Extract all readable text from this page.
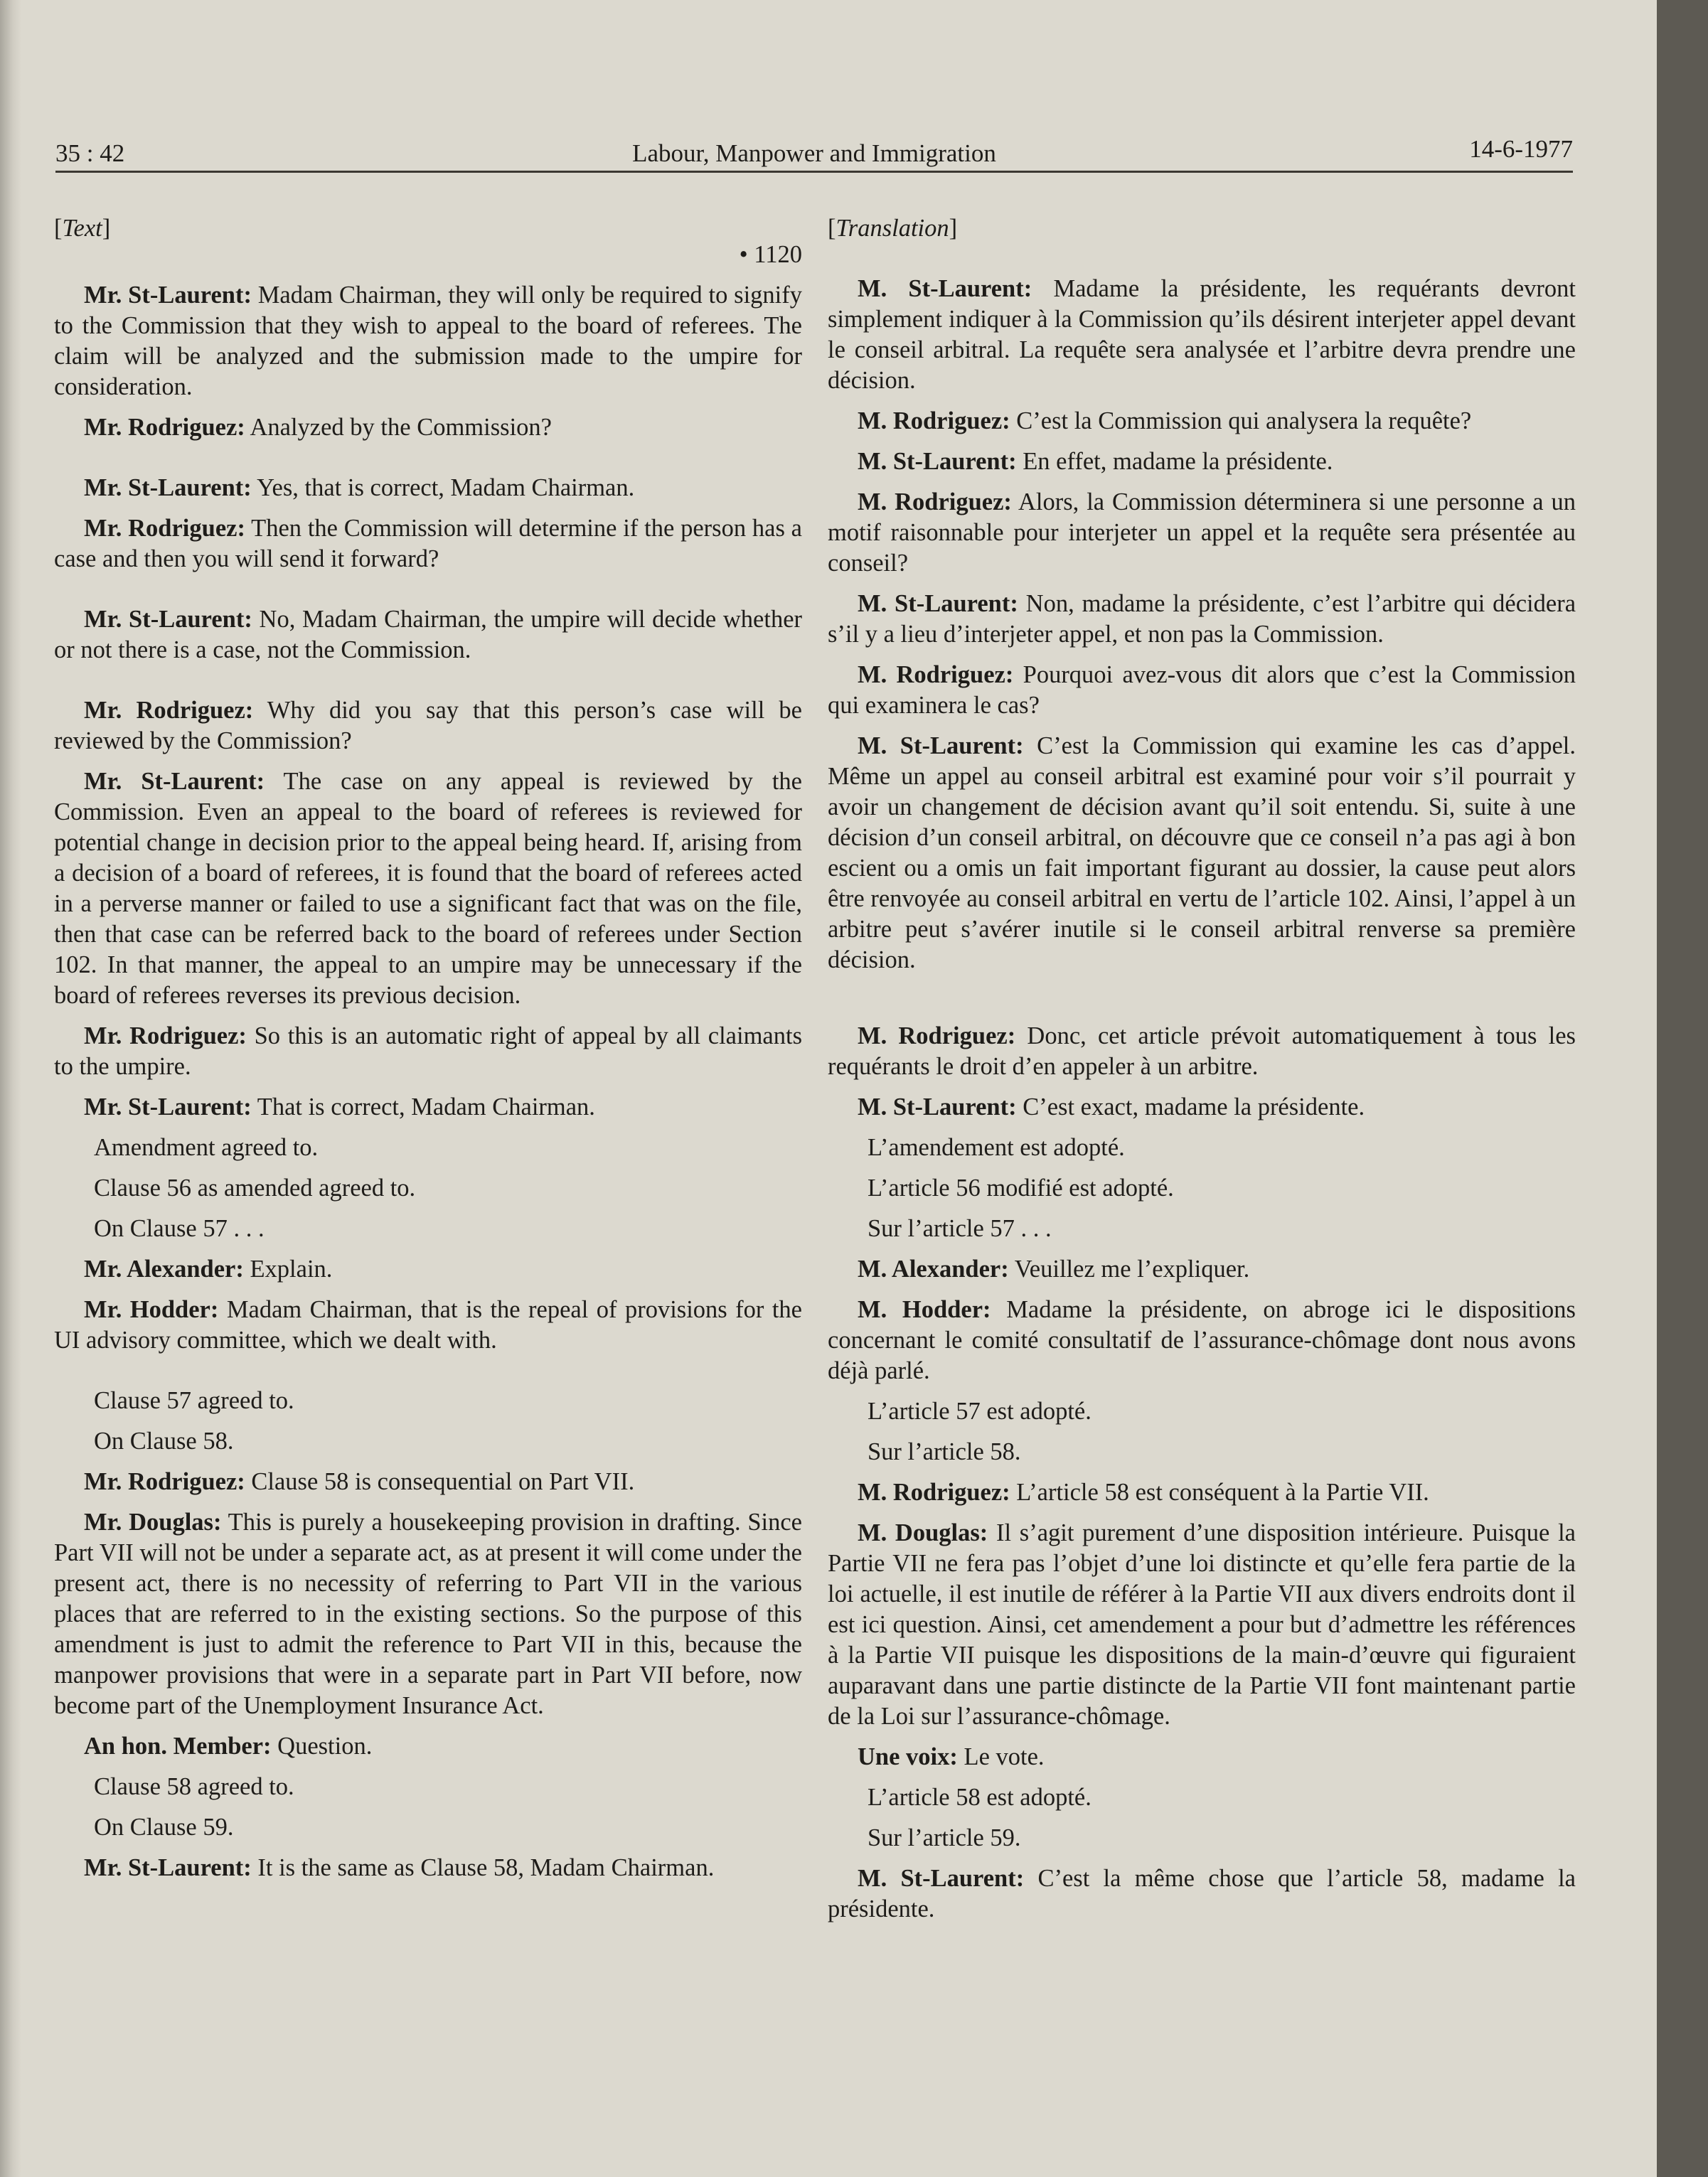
35 : 42	Labour, Manpower and Immigration	14-6-1977
[Text]
• 1120

Mr. St-Laurent: Madam Chairman, they will only be required to signify to the Commission that they wish to appeal to the board of referees. The claim will be analyzed and the submission made to the umpire for consideration.

Mr. Rodriguez: Analyzed by the Commission?

Mr. St-Laurent: Yes, that is correct, Madam Chairman.

Mr. Rodriguez: Then the Commission will determine if the person has a case and then you will send it forward?

Mr. St-Laurent: No, Madam Chairman, the umpire will decide whether or not there is a case, not the Commission.

Mr. Rodriguez: Why did you say that this person’s case will be reviewed by the Commission?

Mr. St-Laurent: The case on any appeal is reviewed by the Commission. Even an appeal to the board of referees is reviewed for potential change in decision prior to the appeal being heard. If, arising from a decision of a board of referees, it is found that the board of referees acted in a perverse manner or failed to use a significant fact that was on the file, then that case can be referred back to the board of referees under Section 102. In that manner, the appeal to an umpire may be unnecessary if the board of referees reverses its previous decision.

Mr. Rodriguez: So this is an automatic right of appeal by all claimants to the umpire.

Mr. St-Laurent: That is correct, Madam Chairman.

Amendment agreed to.

Clause 56 as amended agreed to.

On Clause 57 . . .

Mr. Alexander: Explain.

Mr. Hodder: Madam Chairman, that is the repeal of provisions for the UI advisory committee, which we dealt with.

Clause 57 agreed to.

On Clause 58.

Mr. Rodriguez: Clause 58 is consequential on Part VII.

Mr. Douglas: This is purely a housekeeping provision in drafting. Since Part VII will not be under a separate act, as at present it will come under the present act, there is no necessity of referring to Part VII in the various places that are referred to in the existing sections. So the purpose of this amendment is just to admit the reference to Part VII in this, because the manpower provisions that were in a separate part in Part VII before, now become part of the Unemployment Insurance Act.

An hon. Member: Question.

Clause 58 agreed to.

On Clause 59.

Mr. St-Laurent: It is the same as Clause 58, Madam Chairman.

[Translation]

M. St-Laurent: Madame la présidente, les requérants devront simplement indiquer à la Commission qu’ils désirent interjeter appel devant le conseil arbitral. La requête sera analysée et l’arbitre devra prendre une décision.

M. Rodriguez: C’est la Commission qui analysera la requête?

M. St-Laurent: En effet, madame la présidente.

M. Rodriguez: Alors, la Commission déterminera si une personne a un motif raisonnable pour interjeter un appel et la requête sera présentée au conseil?

M. St-Laurent: Non, madame la présidente, c’est l’arbitre qui décidera s’il y a lieu d’interjeter appel, et non pas la Commission.

M. Rodriguez: Pourquoi avez-vous dit alors que c’est la Commission qui examinera le cas?

M. St-Laurent: C’est la Commission qui examine les cas d’appel. Même un appel au conseil arbitral est examiné pour voir s’il pourrait y avoir un changement de décision avant qu’il soit entendu. Si, suite à une décision d’un conseil arbitral, on découvre que ce conseil n’a pas agi à bon escient ou a omis un fait important figurant au dossier, la cause peut alors être renvoyée au conseil arbitral en vertu de l’article 102. Ainsi, l’appel à un arbitre peut s’avérer inutile si le conseil arbitral renverse sa première décision.

M. Rodriguez: Donc, cet article prévoit automatiquement à tous les requérants le droit d’en appeler à un arbitre.

M. St-Laurent: C’est exact, madame la présidente.

L’amendement est adopté.

L’article 56 modifié est adopté.

Sur l’article 57 . . .

M. Alexander: Veuillez me l’expliquer.

M. Hodder: Madame la présidente, on abroge ici le dispositions concernant le comité consultatif de l’assurance-chômage dont nous avons déjà parlé.

L’article 57 est adopté.

Sur l’article 58.

M. Rodriguez: L’article 58 est conséquent à la Partie VII.

M. Douglas: Il s’agit purement d’une disposition intérieure. Puisque la Partie VII ne fera pas l’objet d’une loi distincte et qu’elle fera partie de la loi actuelle, il est inutile de référer à la Partie VII aux divers endroits dont il est ici question. Ainsi, cet amendement a pour but d’admettre les références à la Partie VII puisque les dispositions de la main-d’œuvre qui figuraient auparavant dans une partie distincte de la Partie VII font maintenant partie de la Loi sur l’assurance-chômage.

Une voix: Le vote.

L’article 58 est adopté.

Sur l’article 59.

M. St-Laurent: C’est la même chose que l’article 58, madame la présidente.
